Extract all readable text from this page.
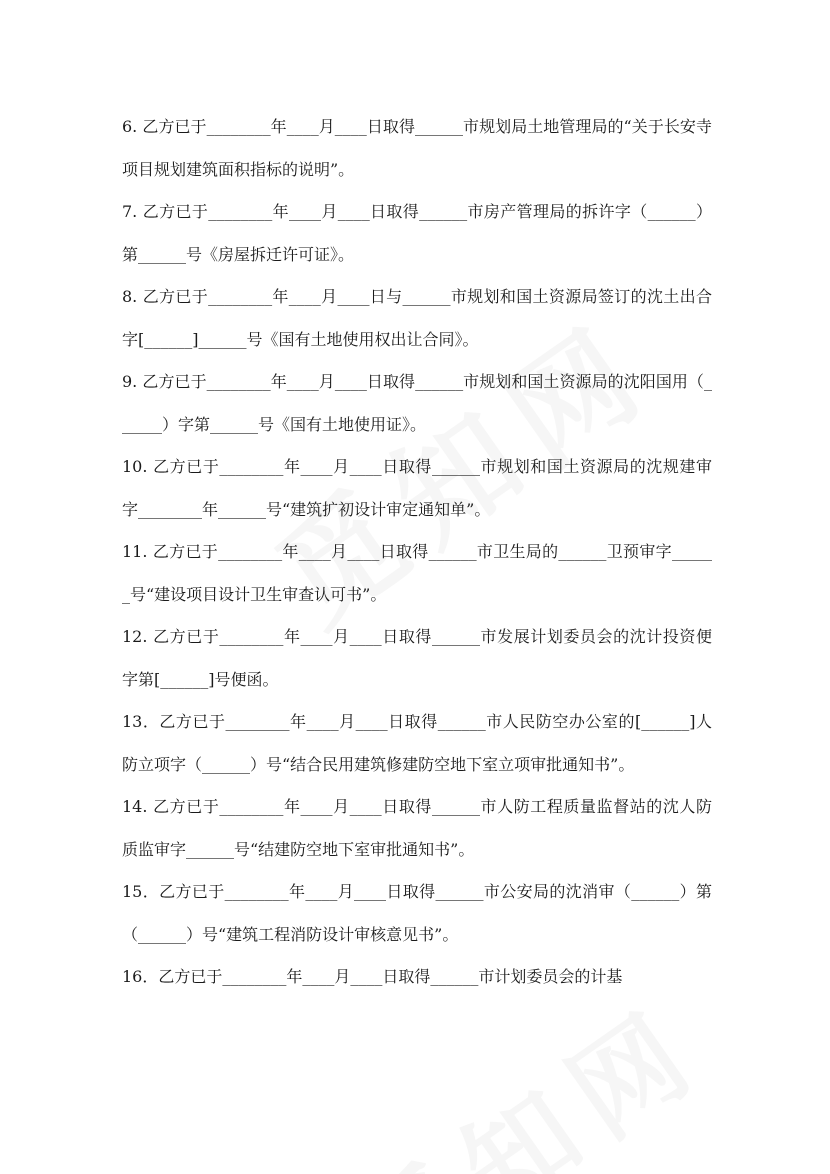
6. 乙方已于________年____月____日取得______市规划局土地管理局的“关于长安寺项目规划建筑面积指标的说明”。

7. 乙方已于________年____月____日取得______市房产管理局的拆许字（______）第______号《房屋拆迁许可证》。

8. 乙方已于________年____月____日与______市规划和国土资源局签订的沈土出合字[______]______号《国有土地使用权出让合同》。

9. 乙方已于________年____月____日取得______市规划和国土资源局的沈阳国用（______）字第______号《国有土地使用证》。

10. 乙方已于________年____月____日取得______市规划和国土资源局的沈规建审字________年______号“建筑扩初设计审定通知单”。

11. 乙方已于________年____月____日取得______市卫生局的______卫预审字______号“建设项目设计卫生审查认可书”。

12. 乙方已于________年____月____日取得______市发展计划委员会的沈计投资便字第[______]号便函。

13．乙方已于________年____月____日取得______市人民防空办公室的[______]人防立项字（______）号“结合民用建筑修建防空地下室立项审批通知书”。

14. 乙方已于________年____月____日取得______市人防工程质量监督站的沈人防质监审字______号“结建防空地下室审批通知书”。

15．乙方已于________年____月____日取得______市公安局的沈消审（______）第（______）号“建筑工程消防设计审核意见书”。

16．乙方已于________年____月____日取得______市计划委员会的计基
